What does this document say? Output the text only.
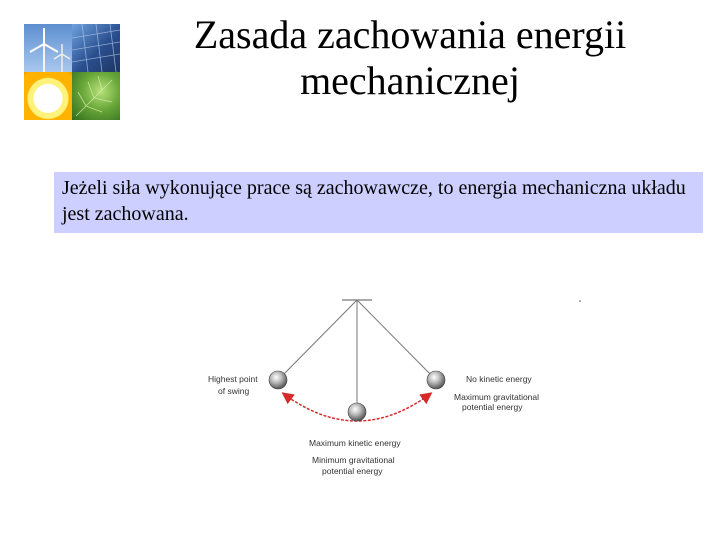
Zasada zachowania energii
mechanicznej
Jeżeli siła wykonujące prace są zachowawcze, to energia mechaniczna układu jest zachowana.
Highest point
of swing
No kinetic energy
Maximum gravitational
potential energy
Maximum kinetic energy
Minimum gravitational
potential energy
